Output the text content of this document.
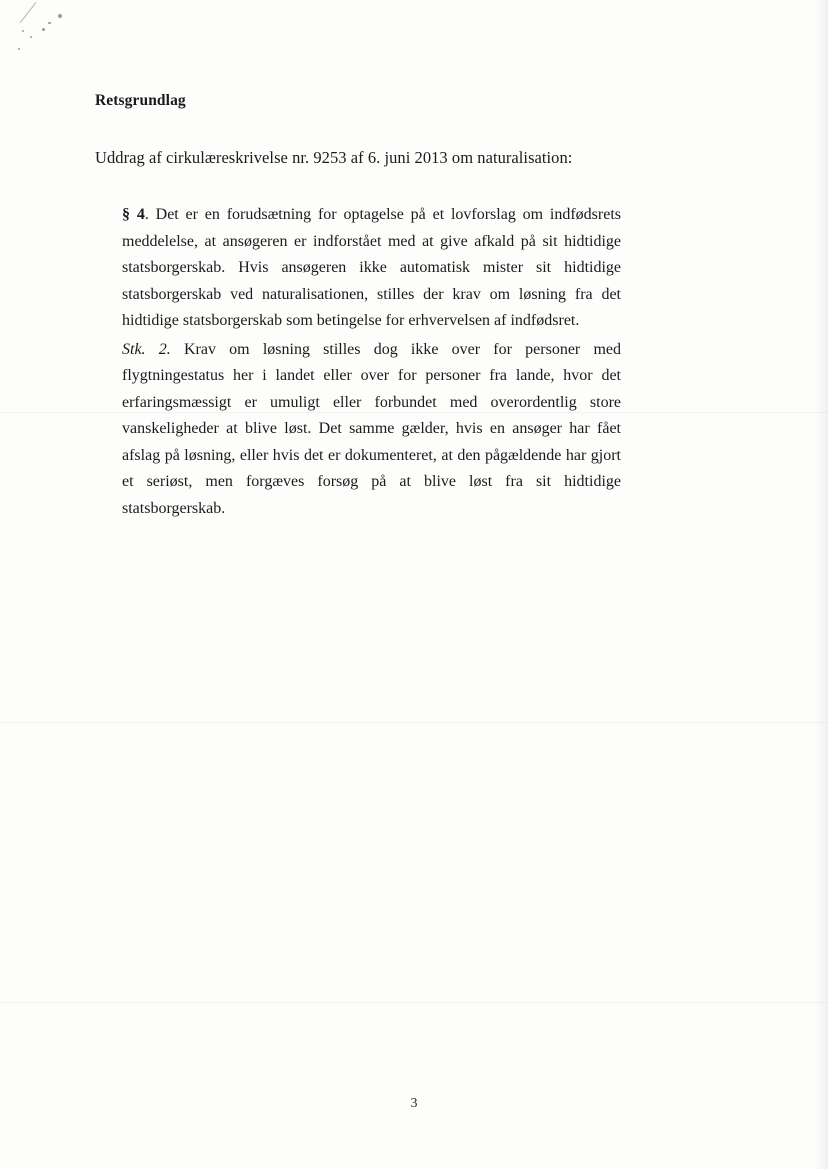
Retsgrundlag

Uddrag af cirkulæreskrivelse nr. 9253 af 6. juni 2013 om naturalisation:

§ 4. Det er en forudsætning for optagelse på et lovforslag om indfødsrets meddelelse, at ansøgeren er indforstået med at give afkald på sit hidtidige statsborgerskab. Hvis ansøgeren ikke automatisk mister sit hidtidige statsborgerskab ved naturalisationen, stilles der krav om løsning fra det hidtidige statsborgerskab som betingelse for erhvervelsen af indfødsret.

Stk. 2. Krav om løsning stilles dog ikke over for personer med flygtningestatus her i landet eller over for personer fra lande, hvor det erfaringsmæssigt er umuligt eller forbundet med overordentlig store vanskeligheder at blive løst. Det samme gælder, hvis en ansøger har fået afslag på løsning, eller hvis det er dokumenteret, at den pågældende har gjort et seriøst, men forgæves forsøg på at blive løst fra sit hidtidige statsborgerskab.

3
